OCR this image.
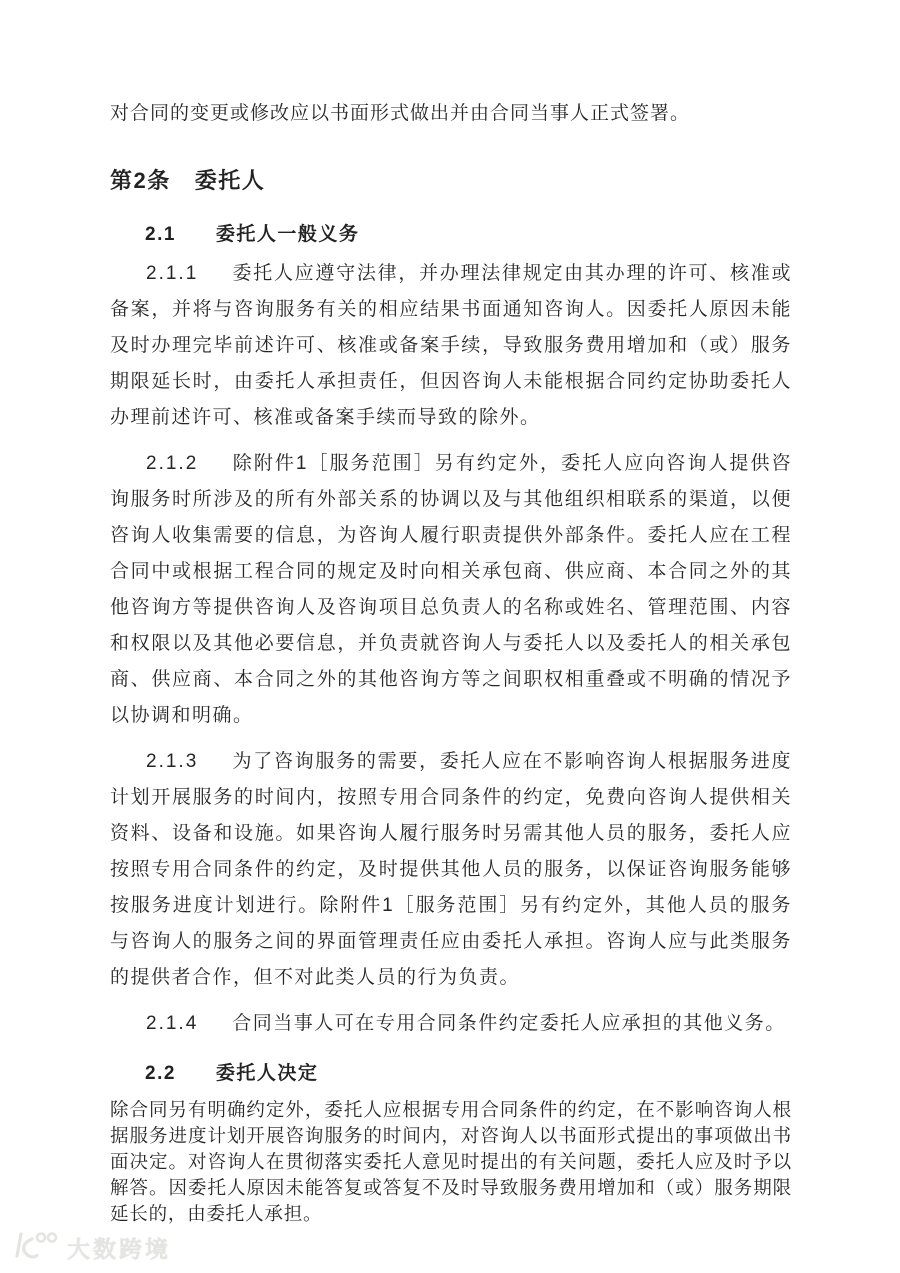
对合同的变更或修改应以书面形式做出并由合同当事人正式签署。

第2条 委托人
2.1 委托人一般义务

2.1.1 委托人应遵守法律，并办理法律规定由其办理的许可、核准或备案，并将与咨询服务有关的相应结果书面通知咨询人。因委托人原因未能及时办理完毕前述许可、核准或备案手续，导致服务费用增加和（或）服务期限延长时，由委托人承担责任，但因咨询人未能根据合同约定协助委托人办理前述许可、核准或备案手续而导致的除外。

2.1.2 除附件1［服务范围］另有约定外，委托人应向咨询人提供咨询服务时所涉及的所有外部关系的协调以及与其他组织相联系的渠道，以便咨询人收集需要的信息，为咨询人履行职责提供外部条件。委托人应在工程合同中或根据工程合同的规定及时向相关承包商、供应商、本合同之外的其他咨询方等提供咨询人及咨询项目总负责人的名称或姓名、管理范围、内容和权限以及其他必要信息，并负责就咨询人与委托人以及委托人的相关承包商、供应商、本合同之外的其他咨询方等之间职权相重叠或不明确的情况予以协调和明确。

2.1.3 为了咨询服务的需要，委托人应在不影响咨询人根据服务进度计划开展服务的时间内，按照专用合同条件的约定，免费向咨询人提供相关资料、设备和设施。如果咨询人履行服务时另需其他人员的服务，委托人应按照专用合同条件的约定，及时提供其他人员的服务，以保证咨询服务能够按服务进度计划进行。除附件1［服务范围］另有约定外，其他人员的服务与咨询人的服务之间的界面管理责任应由委托人承担。咨询人应与此类服务的提供者合作，但不对此类人员的行为负责。

2.1.4 合同当事人可在专用合同条件约定委托人应承担的其他义务。

2.2 委托人决定

除合同另有明确约定外，委托人应根据专用合同条件的约定，在不影响咨询人根据服务进度计划开展咨询服务的时间内，对咨询人以书面形式提出的事项做出书面决定。对咨询人在贯彻落实委托人意见时提出的有关问题，委托人应及时予以解答。因委托人原因未能答复或答复不及时导致服务费用增加和（或）服务期限延长的，由委托人承担。

大数跨境
